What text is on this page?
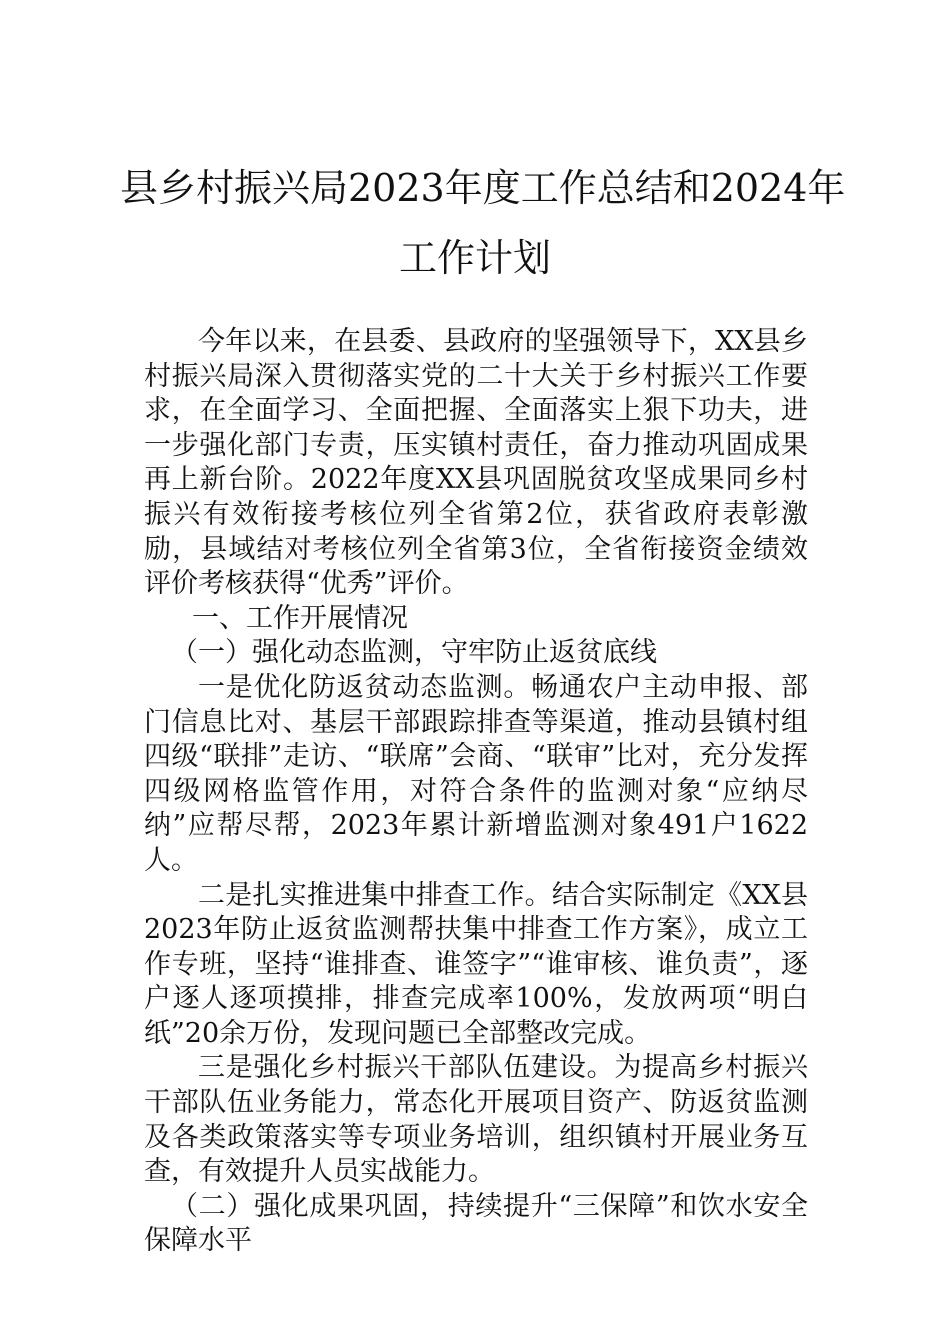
县乡村振兴局2023年度工作总结和2024年
工作计划

今年以来，在县委、县政府的坚强领导下，XX县乡村振兴局深入贯彻落实党的二十大关于乡村振兴工作要求，在全面学习、全面把握、全面落实上狠下功夫，进一步强化部门专责，压实镇村责任，奋力推动巩固成果再上新台阶。2022年度XX县巩固脱贫攻坚成果同乡村振兴有效衔接考核位列全省第2位，获省政府表彰激励，县域结对考核位列全省第3位，全省衔接资金绩效评价考核获得“优秀”评价。

一、工作开展情况

（一）强化动态监测，守牢防止返贫底线

一是优化防返贫动态监测。畅通农户主动申报、部门信息比对、基层干部跟踪排查等渠道，推动县镇村组四级“联排”走访、“联席”会商、“联审”比对，充分发挥四级网格监管作用，对符合条件的监测对象“应纳尽纳”应帮尽帮，2023年累计新增监测对象491户1622人。

二是扎实推进集中排查工作。结合实际制定《XX县2023年防止返贫监测帮扶集中排查工作方案》，成立工作专班，坚持“谁排查、谁签字”“谁审核、谁负责”，逐户逐人逐项摸排，排查完成率100%，发放两项“明白纸”20余万份，发现问题已全部整改完成。

三是强化乡村振兴干部队伍建设。为提高乡村振兴干部队伍业务能力，常态化开展项目资产、防返贫监测及各类政策落实等专项业务培训，组织镇村开展业务互查，有效提升人员实战能力。

（二）强化成果巩固，持续提升“三保障”和饮水安全保障水平
